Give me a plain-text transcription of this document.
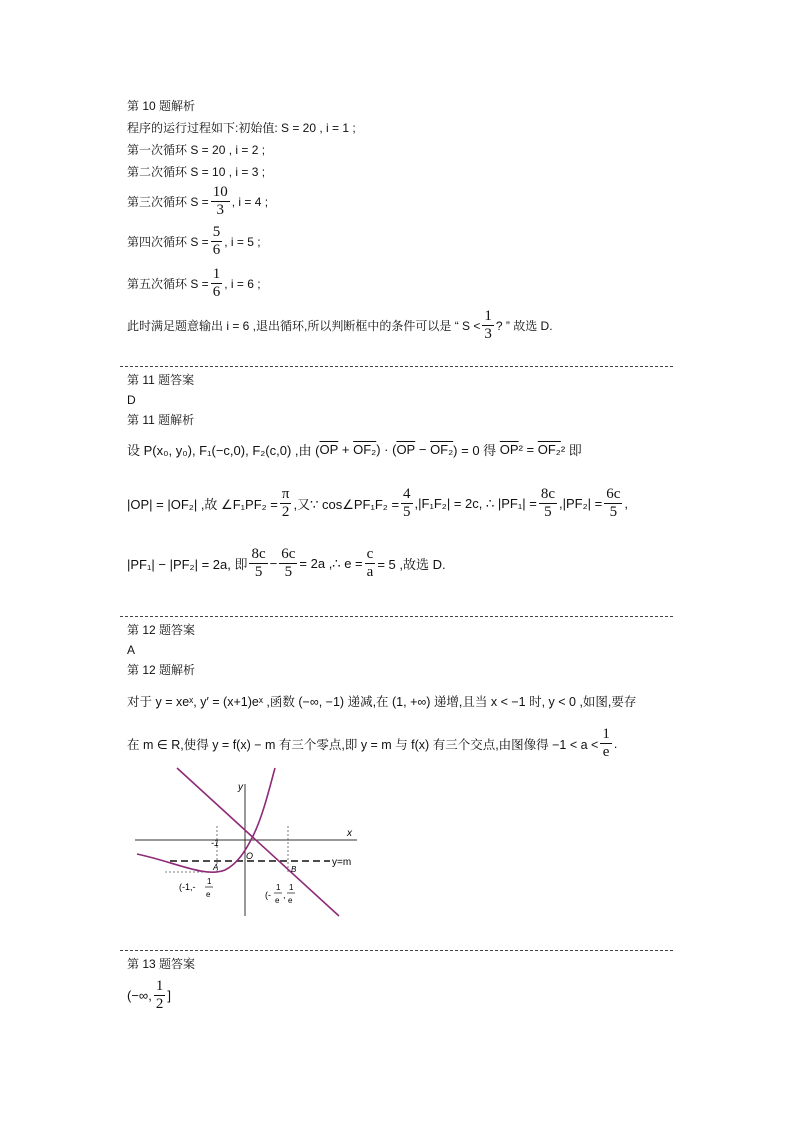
第 10 题解析
程序的运行过程如下:初始值: S = 20 , i = 1 ;
第一次循环 S = 20 , i = 2 ;
第二次循环 S = 10 , i = 3 ;
第三次循环 $S = \frac{10}{3}$ , i = 4 ;
第四次循环 $S = \frac{5}{6}$ , i = 5 ;
第五次循环 $S = \frac{1}{6}$ , i = 6 ;
此时满足题意输出 i = 6 ,退出循环,所以判断框中的条件可以是 “ $S < \frac{1}{3}$ ? ” 故选 D.
第 11 题答案
D
第 11 题解析
设 P(x₀, y₀), F₁(−c,0), F₂(c,0) ,由 ( $\overline{OP} + OF_2$ ) · ( $\overline{OP} - OF_2$ ) = 0 得 $\overline{OP}$ ² = OF₂ ² 即
|OP| = |OF₂| ,故 ∠F₁PF₂ = $\frac{\pi}{2}$ ,又∵ cos∠PF₁F₂ = $\frac{4}{5} ,|F_1F_2| = 2c$, ∴ $|PF_1| = \frac{8c}{5} ,|PF_2| = \frac{6c}{5}$ ,
|PF₁| − |PF₂| = 2a, 即 $\frac{8c}{5} - \frac{6c}{5} = 2a$ ,∴ $e = \frac{c}{a} = 5$ ,故选 D.
第 12 题答案
A
第 12 题解析
对于 y = xeˣ, y′ = (x+1)eˣ ,函数 (−∞, −1) 递减,在 (1, +∞) 递增,且当 x < −1 时, y < 0 ,如图,要存
在 m ∈ R,使得 y = f(x) − m 有三个零点,即 y = m 与 f(x) 有三个交点,由图像得 $-1 < a < \frac{1}{e}$ .
x
y
y=m
-1
O
A	B
(-1,-
1
e	(-
1
e
,
1
e
第 13 题答案
(−∞, $\frac{1}{2}$ ]
